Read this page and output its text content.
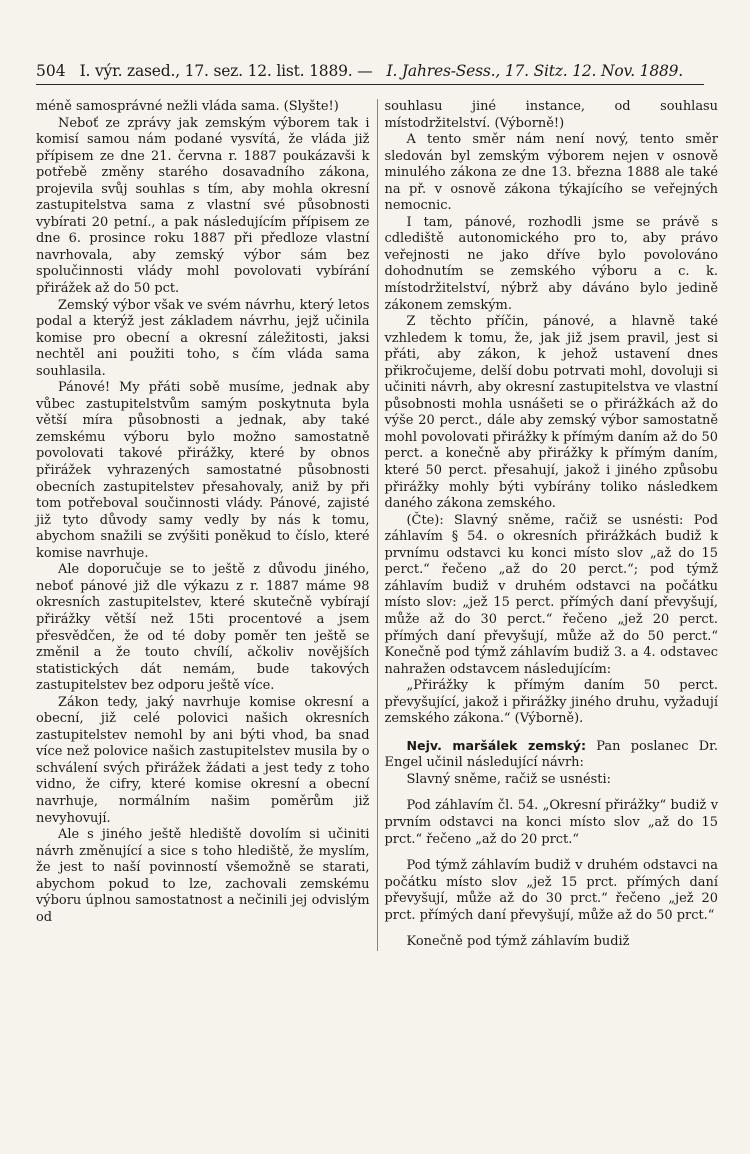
504 I. výr. zased., 17. sez. 12. list. 1889. — I. Jahres-Sess., 17. Sitz. 12. Nov. 1889.

méně samosprávné nežli vláda sama. (Slyšte!)

Neboť ze zprávy jak zemským výborem tak i komisí samou nám podané vysvítá, že vláda již přípisem ze dne 21. června r. 1887 poukázavši k potřebě změny starého dosavadního zákona, projevila svůj souhlas s tím, aby mohla okresní zastupitelstva sama z vlastní své působnosti vybírati 20 petní., a pak následujícím přípisem ze dne 6. prosince roku 1887 při předloze vlastní navrhovala, aby zemský výbor sám bez spolučinnosti vlády mohl povolovati vybírání přirážek až do 50 pct.

Zemský výbor však ve svém návrhu, který letos podal a kterýž jest základem návrhu, jejž učinila komise pro obecní a okresní záležitosti, jaksi nechtěl ani použiti toho, s čím vláda sama souhlasila.

Pánové! My přáti sobě musíme, jednak aby vůbec zastupitelstvům samým poskytnuta byla větší míra působnosti a jednak, aby také zemskému výboru bylo možno samostatně povolovati takové přirážky, které by obnos přirážek vyhrazených samostatné působnosti obecních zastupitelstev přesahovaly, aniž by při tom potřeboval součinnosti vlády. Pánové, zajisté již tyto důvody samy vedly by nás k tomu, abychom snažili se zvýšiti poněkud to číslo, které komise navrhuje.

Ale doporučuje se to ještě z důvodu jiného, neboť pánové již dle výkazu z r. 1887 máme 98 okresních zastupitelstev, které skutečně vybírají přirážky větší než 15ti procentové a jsem přesvědčen, že od té doby poměr ten ještě se změnil a že touto chvílí, ačkoliv novějších statistických dát nemám, bude takových zastupitelstev bez odporu ještě více.

Zákon tedy, jaký navrhuje komise okresní a obecní, již celé polovici našich okresních zastupitelstev nemohl by ani býti vhod, ba snad více než polovice našich zastupitelstev musila by o schválení svých přirážek žádati a jest tedy z toho vidno, že cifry, které komise okresní a obecní navrhuje, normálním našim poměrům již nevyhovují.

Ale s jiného ještě hlediště dovolím si učiniti návrh změnující a sice s toho hlediště, že myslím, že jest to naší povinností všemožně se starati, abychom pokud to lze, zachovali zemskému výboru úplnou samostatnost a nečinili jej odvislým od

souhlasu jiné instance, od souhlasu místodržitelství. (Výborně!)

A tento směr nám není nový, tento směr sledován byl zemským výborem nejen v osnově minulého zákona ze dne 13. března 1888 ale také na př. v osnově zákona týkajícího se veřejných nemocnic.

I tam, pánové, rozhodli jsme se právě s cdlediště autonomického pro to, aby právo veřejnosti ne jako dříve bylo povolováno dohodnutím se zemského výboru a c. k. místodržitelství, nýbrž aby dáváno bylo jedině zákonem zemským.

Z těchto příčin, pánové, a hlavně také vzhledem k tomu, že, jak již jsem pravil, jest si přáti, aby zákon, k jehož ustavení dnes přikročujeme, delší dobu potrvati mohl, dovoluji si učiniti návrh, aby okresní zastupitelstva ve vlastní působnosti mohla usnášeti se o přirážkách až do výše 20 perct., dále aby zemský výbor samostatně mohl povolovati přirážky k přímým daním až do 50 perct. a konečně aby přirážky k přímým daním, které 50 perct. přesahují, jakož i jiného způsobu přirážky mohly býti vybírány toliko následkem daného zákona zemského.

(Čte): Slavný sněme, račiž se usnésti: Pod záhlavím § 54. o okresních přirážkách budiž k prvnímu odstavci ku konci místo slov „až do 15 perct.“ řečeno „až do 20 perct.“; pod týmž záhlavím budiž v druhém odstavci na počátku místo slov: „jež 15 perct. přímých daní převyšují, může až do 30 perct.“ řečeno „jež 20 perct. přímých daní převyšují, může až do 50 perct.“ Konečně pod týmž záhlavím budiž 3. a 4. odstavec nahražen odstavcem následujícím:

„Přirážky k přímým daním 50 perct. převyšující, jakož i přirážky jiného druhu, vyžadují zemského zákona.“ (Výborně).

Nejv. maršálek zemský: Pan poslanec Dr. Engel učinil následující návrh:

Slavný sněme, račiž se usnésti:

Pod záhlavím čl. 54. „Okresní přirážky“ budiž v prvním odstavci na konci místo slov „až do 15 prct.“ řečeno „až do 20 prct.“

Pod týmž záhlavím budiž v druhém odstavci na počátku místo slov „jež 15 prct. přímých daní převyšují, může až do 30 prct.“ řečeno „jež 20 prct. přímých daní převyšují, může až do 50 prct.“

Konečně pod týmž záhlavím budiž
